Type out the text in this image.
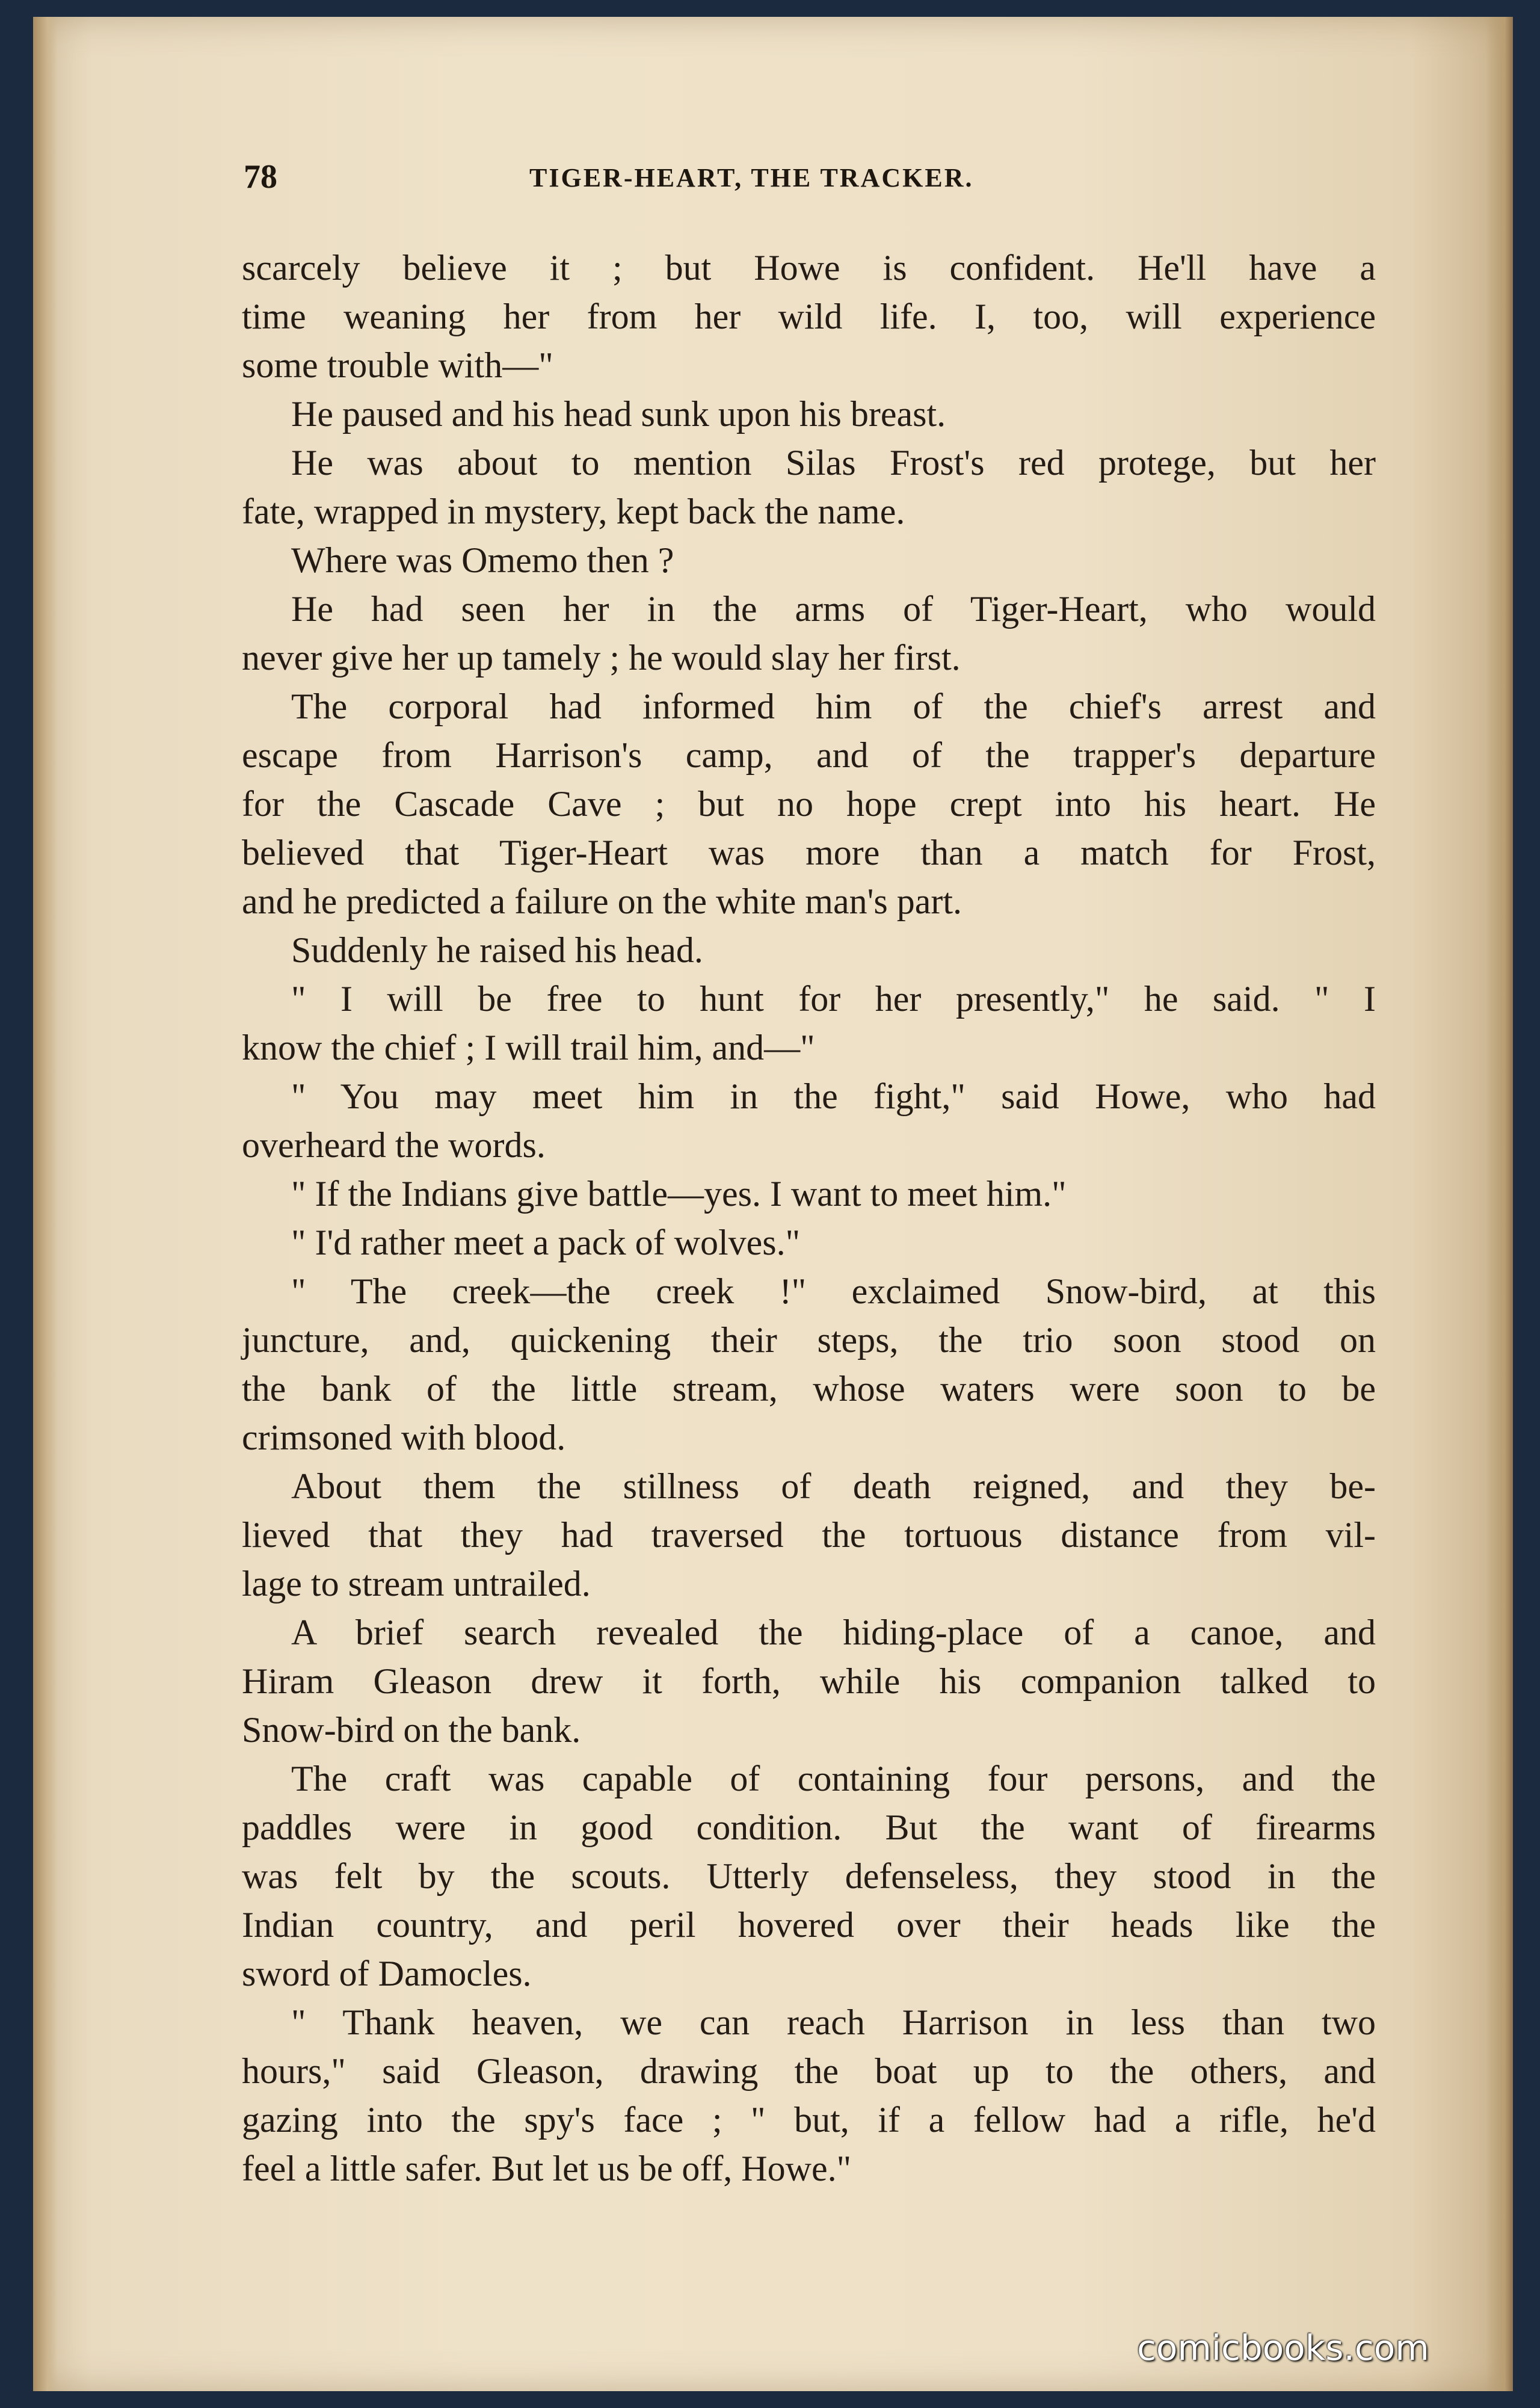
78	TIGER-HEART, THE TRACKER.
scarcely believe it ; but Howe is confident. He'll have a
time weaning her from her wild life. I, too, will experience
some trouble with—"
He paused and his head sunk upon his breast.
He was about to mention Silas Frost's red protege, but her
fate, wrapped in mystery, kept back the name.
Where was Omemo then ?
He had seen her in the arms of Tiger-Heart, who would
never give her up tamely ; he would slay her first.
The corporal had informed him of the chief's arrest and
escape from Harrison's camp, and of the trapper's departure
for the Cascade Cave ; but no hope crept into his heart. He
believed that Tiger-Heart was more than a match for Frost,
and he predicted a failure on the white man's part.
Suddenly he raised his head.
" I will be free to hunt for her presently," he said. " I
know the chief ; I will trail him, and—"
" You may meet him in the fight," said Howe, who had
overheard the words.
" If the Indians give battle—yes. I want to meet him."
" I'd rather meet a pack of wolves."
" The creek—the creek !" exclaimed Snow-bird, at this
juncture, and, quickening their steps, the trio soon stood on
the bank of the little stream, whose waters were soon to be
crimsoned with blood.
About them the stillness of death reigned, and they be-
lieved that they had traversed the tortuous distance from vil-
lage to stream untrailed.
A brief search revealed the hiding-place of a canoe, and
Hiram Gleason drew it forth, while his companion talked to
Snow-bird on the bank.
The craft was capable of containing four persons, and the
paddles were in good condition. But the want of firearms
was felt by the scouts. Utterly defenseless, they stood in the
Indian country, and peril hovered over their heads like the
sword of Damocles.
" Thank heaven, we can reach Harrison in less than two
hours," said Gleason, drawing the boat up to the others, and
gazing into the spy's face ; " but, if a fellow had a rifle, he'd
feel a little safer. But let us be off, Howe."
comicbooks.com
